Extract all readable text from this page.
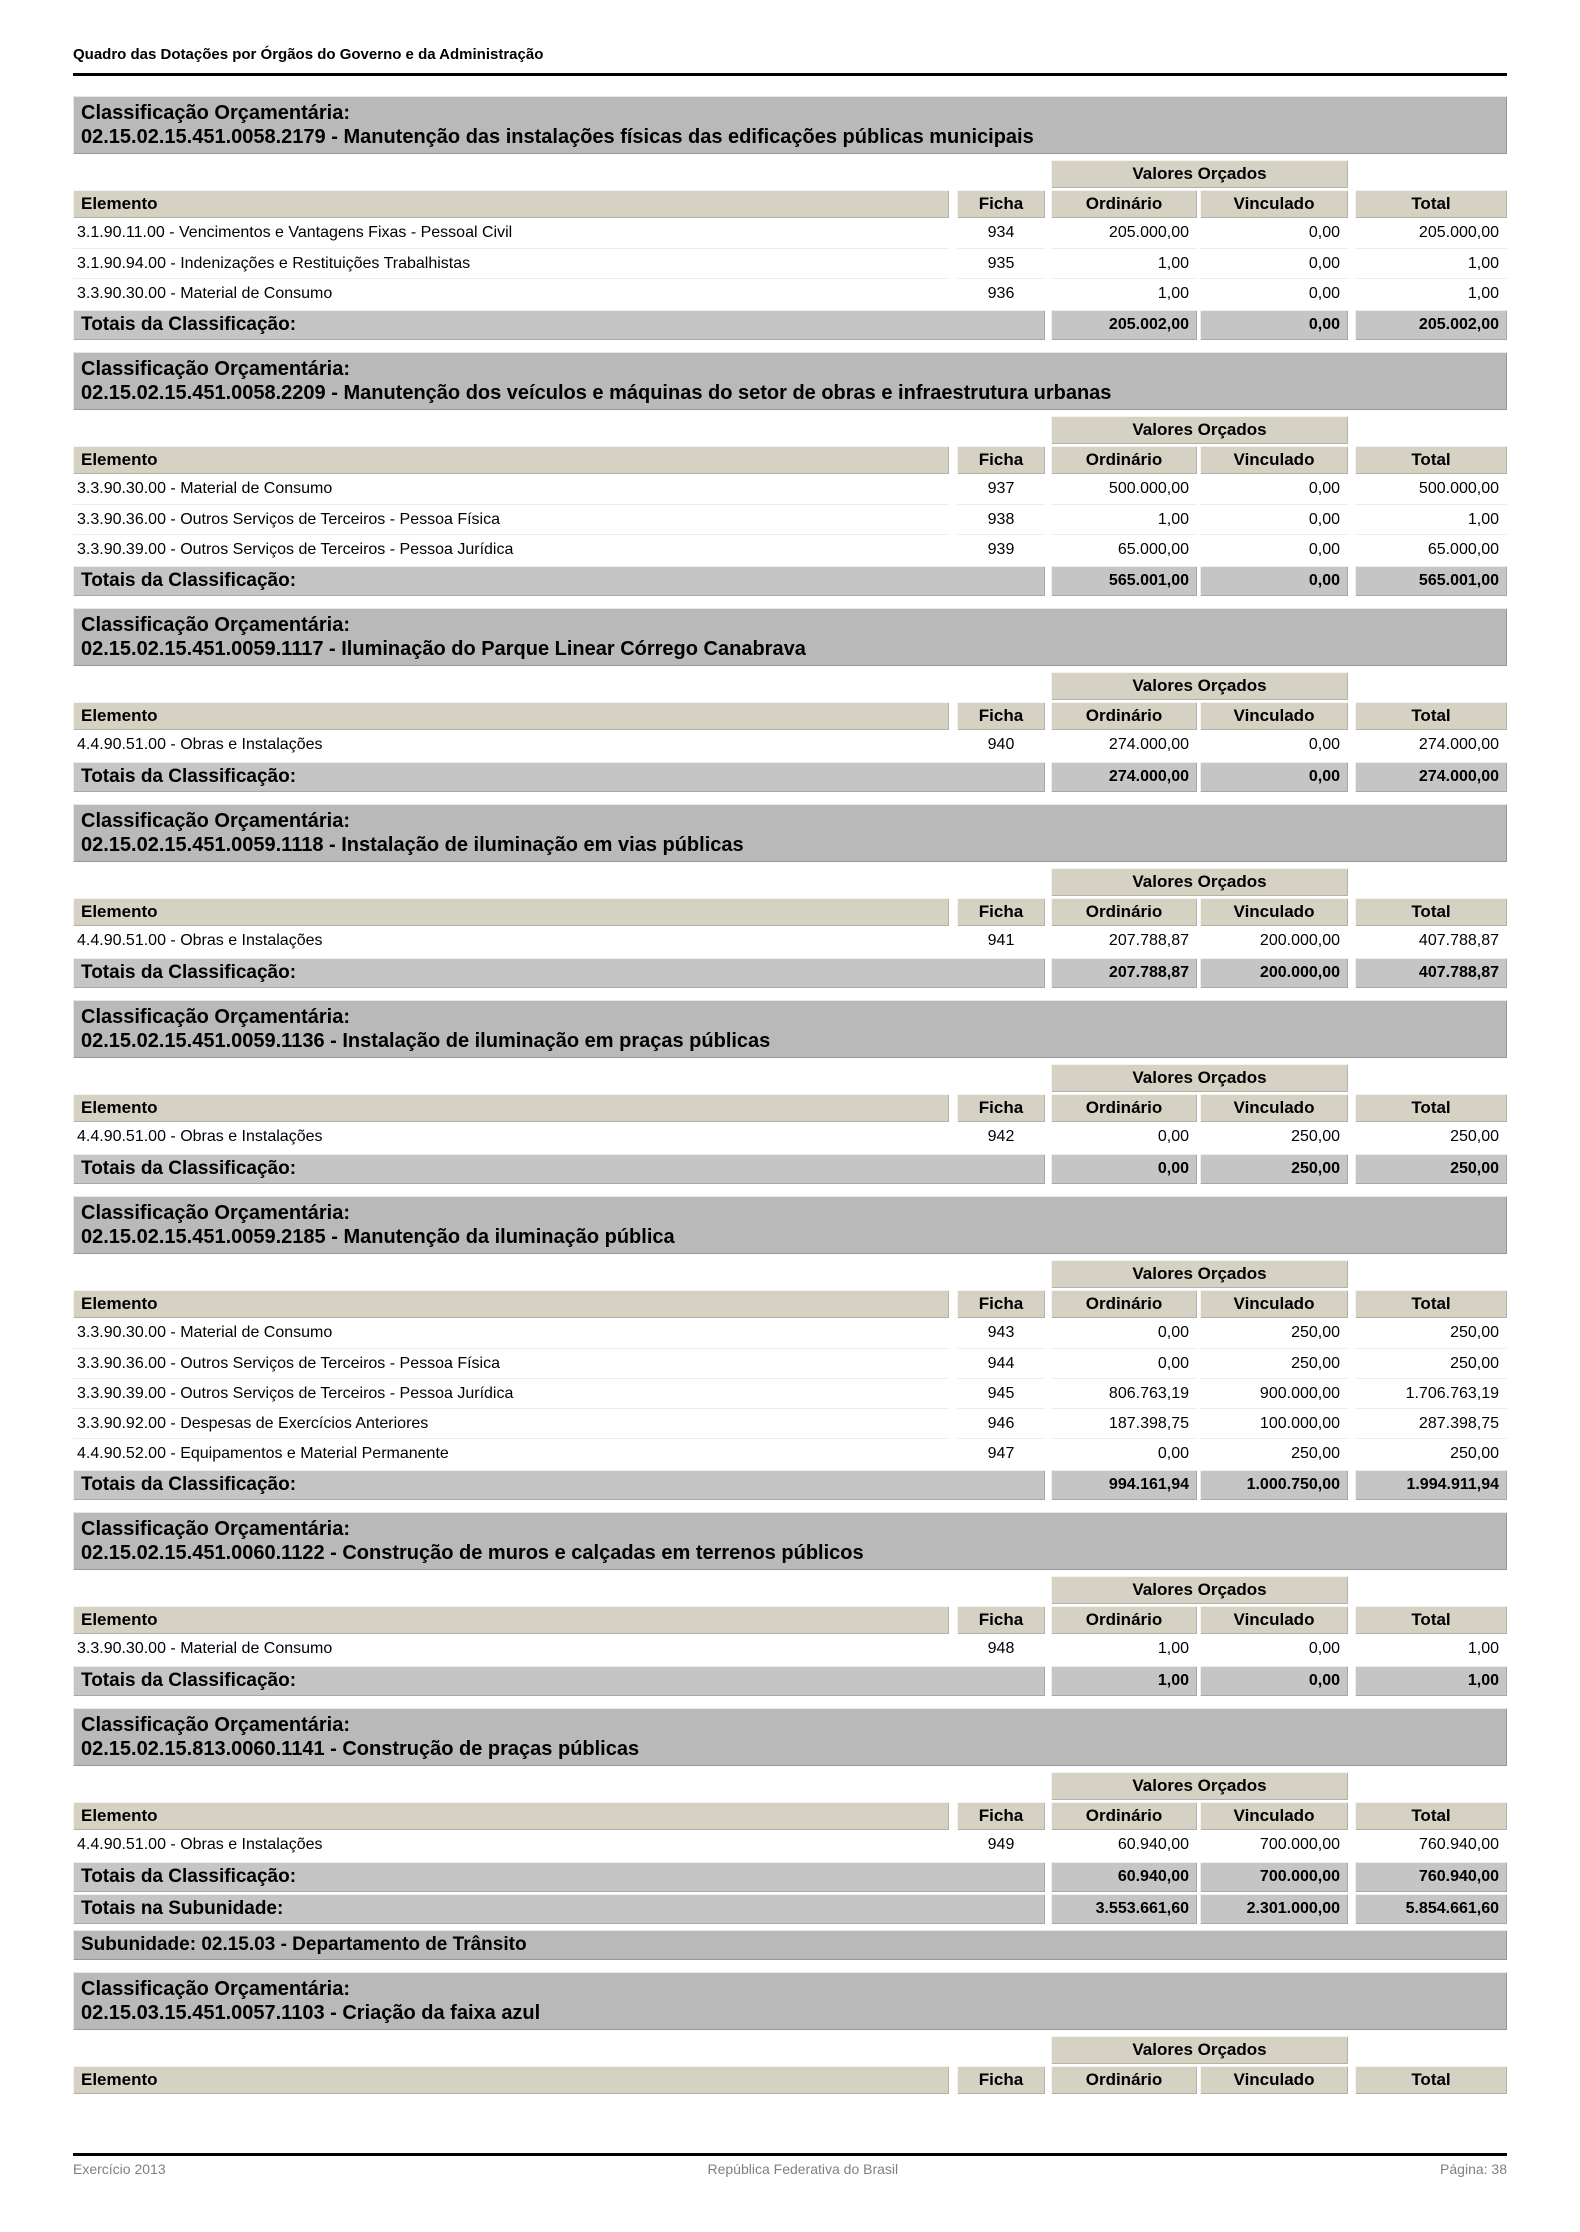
Quadro das Dotações por Órgãos do Governo e da Administração
Classificação Orçamentária:
02.15.02.15.451.0058.2179 - Manutenção das instalações físicas das edificações públicas municipais
Valores Orçados
Elemento	Ficha	Ordinário	Vinculado	Total
3.1.90.11.00 - Vencimentos e Vantagens Fixas - Pessoal Civil	934	205.000,00	0,00	205.000,00
3.1.90.94.00 - Indenizações e Restituições Trabalhistas	935	1,00	0,00	1,00
3.3.90.30.00 - Material de Consumo	936	1,00	0,00	1,00
Totais da Classificação:	205.002,00	0,00	205.002,00
Classificação Orçamentária:
02.15.02.15.451.0058.2209 - Manutenção dos veículos e máquinas do setor de obras e infraestrutura urbanas
Valores Orçados
Elemento	Ficha	Ordinário	Vinculado	Total
3.3.90.30.00 - Material de Consumo	937	500.000,00	0,00	500.000,00
3.3.90.36.00 - Outros Serviços de Terceiros - Pessoa Física	938	1,00	0,00	1,00
3.3.90.39.00 - Outros Serviços de Terceiros - Pessoa Jurídica	939	65.000,00	0,00	65.000,00
Totais da Classificação:	565.001,00	0,00	565.001,00
Classificação Orçamentária:
02.15.02.15.451.0059.1117 - Iluminação do Parque Linear Córrego Canabrava
Valores Orçados
Elemento	Ficha	Ordinário	Vinculado	Total
4.4.90.51.00 - Obras e Instalações	940	274.000,00	0,00	274.000,00
Totais da Classificação:	274.000,00	0,00	274.000,00
Classificação Orçamentária:
02.15.02.15.451.0059.1118 - Instalação de iluminação em vias públicas
Valores Orçados
Elemento	Ficha	Ordinário	Vinculado	Total
4.4.90.51.00 - Obras e Instalações	941	207.788,87	200.000,00	407.788,87
Totais da Classificação:	207.788,87	200.000,00	407.788,87
Classificação Orçamentária:
02.15.02.15.451.0059.1136 - Instalação de iluminação em praças públicas
Valores Orçados
Elemento	Ficha	Ordinário	Vinculado	Total
4.4.90.51.00 - Obras e Instalações	942	0,00	250,00	250,00
Totais da Classificação:	0,00	250,00	250,00
Classificação Orçamentária:
02.15.02.15.451.0059.2185 - Manutenção da iluminação pública
Valores Orçados
Elemento	Ficha	Ordinário	Vinculado	Total
3.3.90.30.00 - Material de Consumo	943	0,00	250,00	250,00
3.3.90.36.00 - Outros Serviços de Terceiros - Pessoa Física	944	0,00	250,00	250,00
3.3.90.39.00 - Outros Serviços de Terceiros - Pessoa Jurídica	945	806.763,19	900.000,00	1.706.763,19
3.3.90.92.00 - Despesas de Exercícios Anteriores	946	187.398,75	100.000,00	287.398,75
4.4.90.52.00 - Equipamentos e Material Permanente	947	0,00	250,00	250,00
Totais da Classificação:	994.161,94	1.000.750,00	1.994.911,94
Classificação Orçamentária:
02.15.02.15.451.0060.1122 - Construção de muros e calçadas em terrenos públicos
Valores Orçados
Elemento	Ficha	Ordinário	Vinculado	Total
3.3.90.30.00 - Material de Consumo	948	1,00	0,00	1,00
Totais da Classificação:	1,00	0,00	1,00
Classificação Orçamentária:
02.15.02.15.813.0060.1141 - Construção de praças públicas
Valores Orçados
Elemento	Ficha	Ordinário	Vinculado	Total
4.4.90.51.00 - Obras e Instalações	949	60.940,00	700.000,00	760.940,00
Totais da Classificação:	60.940,00	700.000,00	760.940,00
Totais na Subunidade:	3.553.661,60	2.301.000,00	5.854.661,60
Subunidade: 02.15.03 - Departamento de Trânsito
Classificação Orçamentária:
02.15.03.15.451.0057.1103 - Criação da faixa azul
Valores Orçados
Elemento	Ficha	Ordinário	Vinculado	Total
Exercício 2013	República Federativa do Brasil	Página: 38
